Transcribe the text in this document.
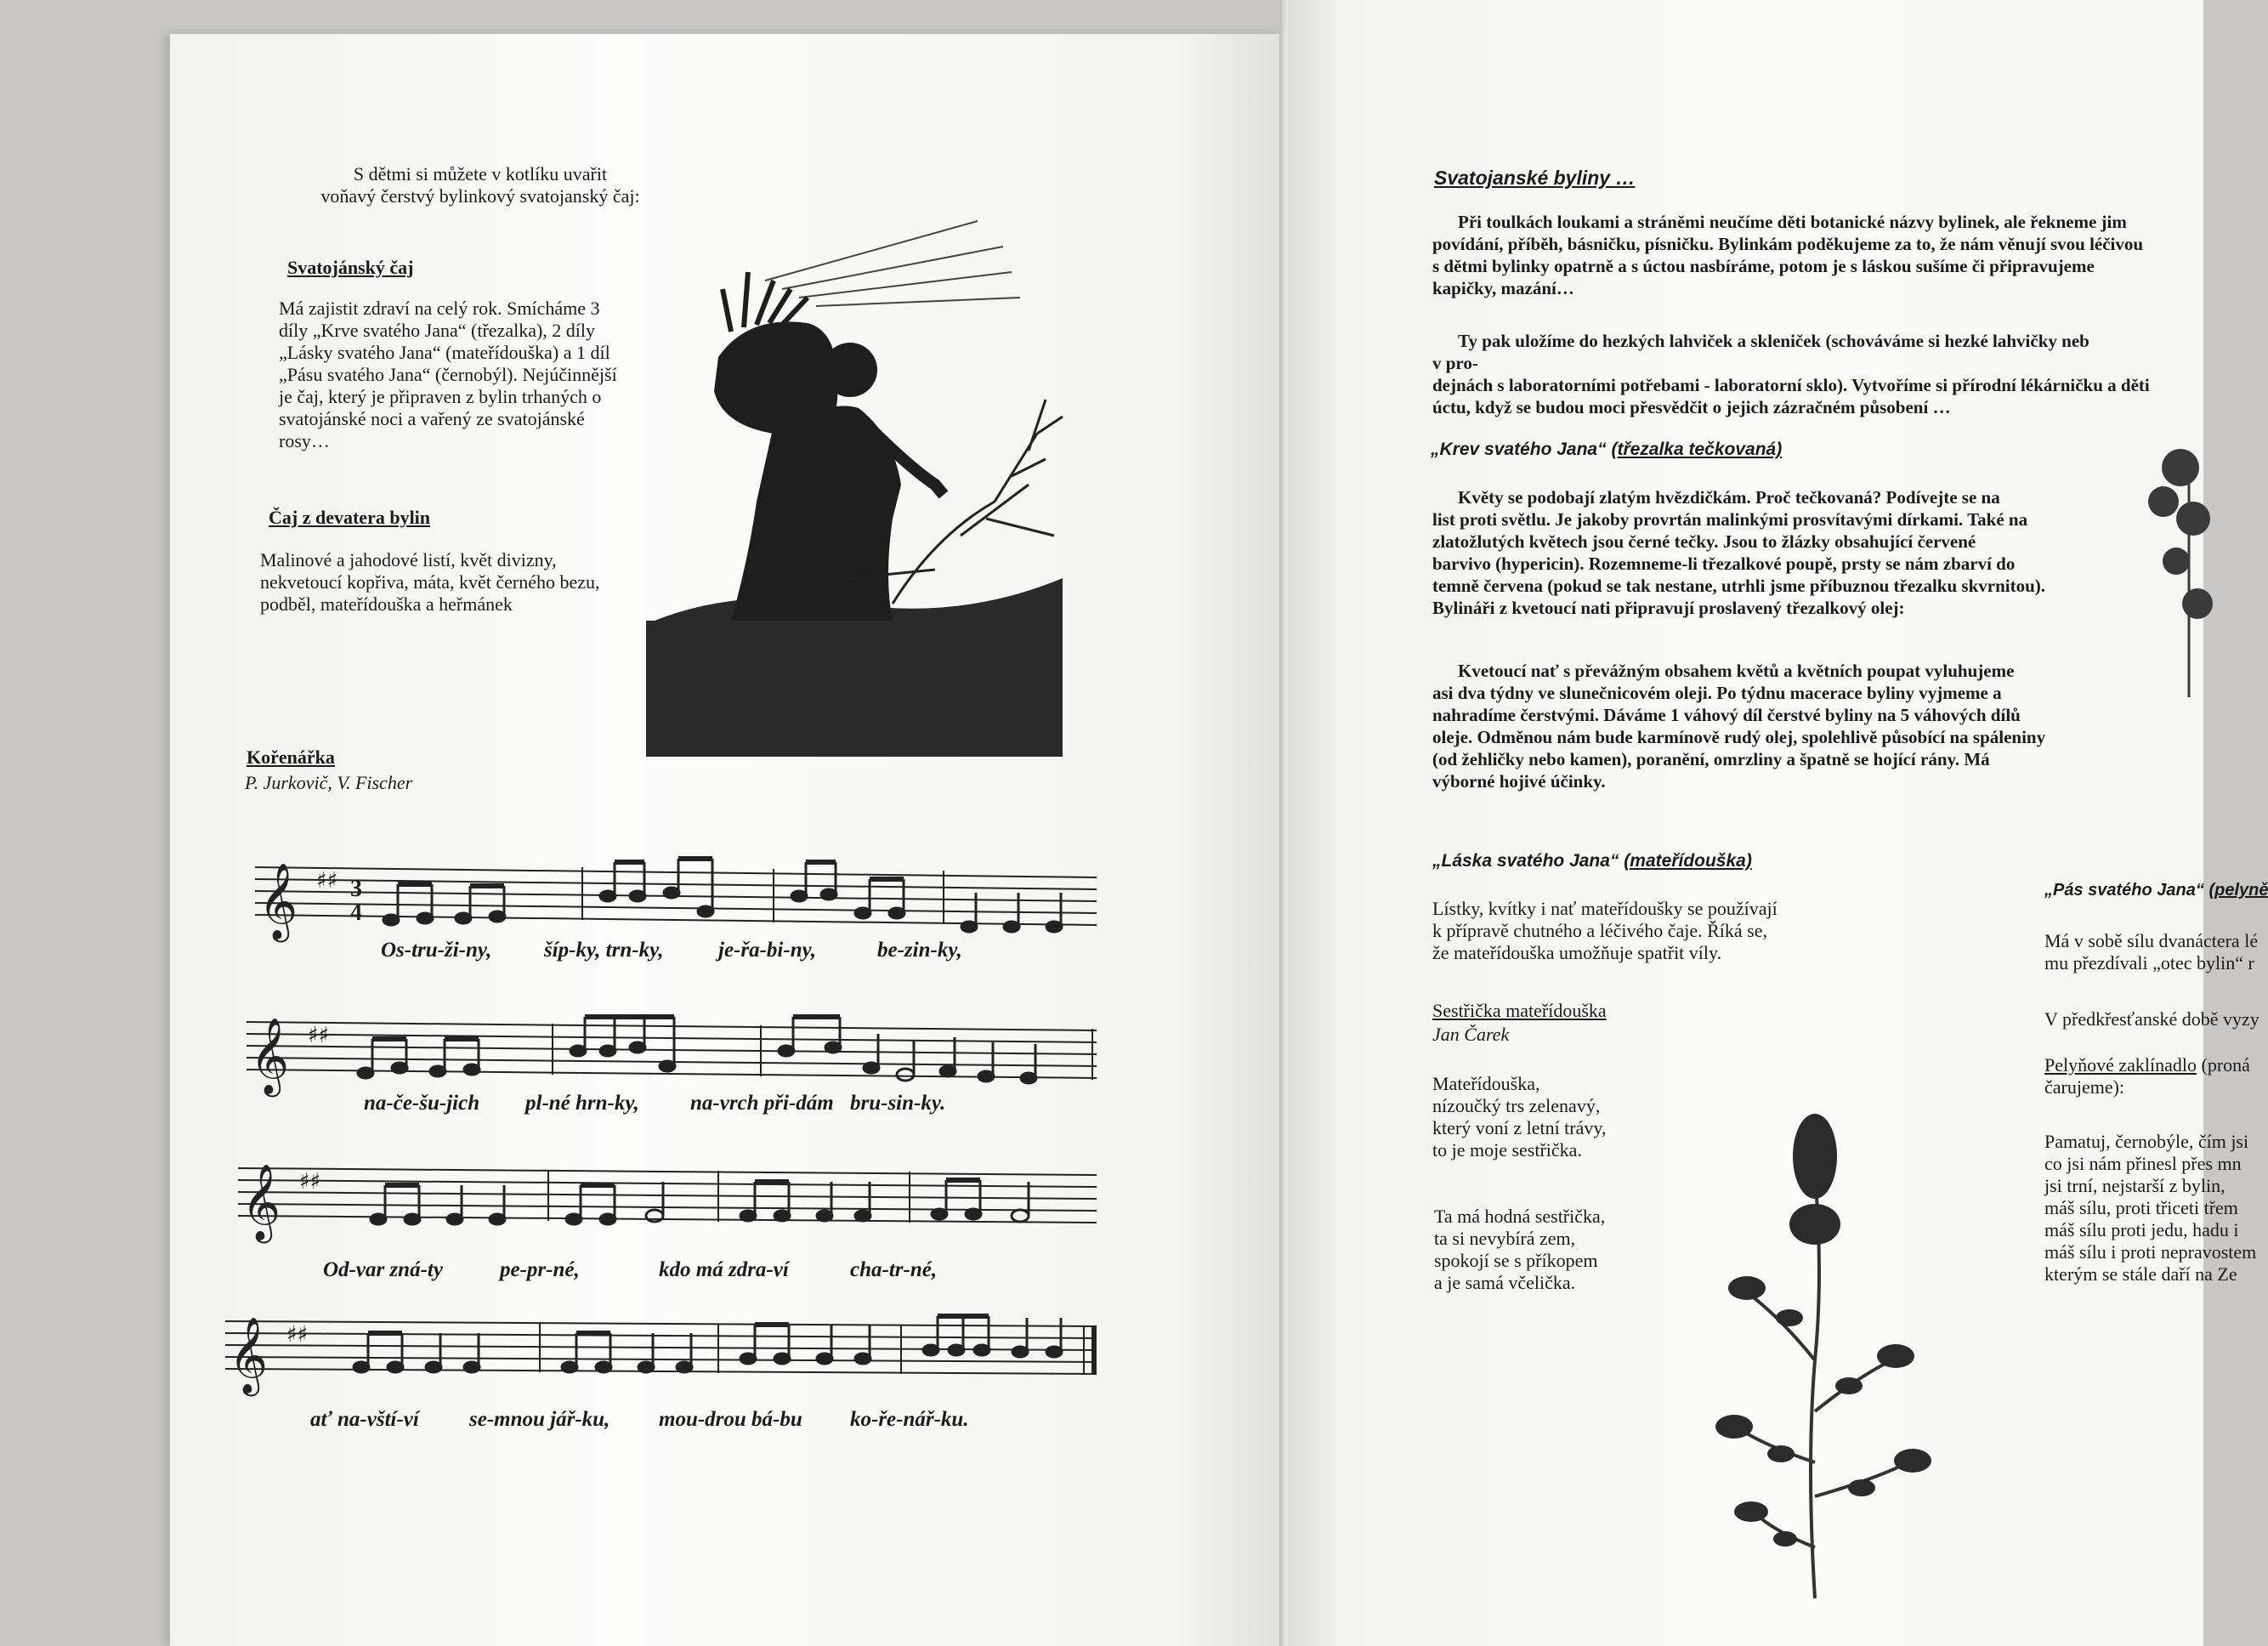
S dětmi si můžete v kotlíku uvařit
voňavý čerstvý bylinkový svatojanský čaj:
Svatojánský čaj
Má zajistit zdraví na celý rok. Smícháme 3
díly „Krve svatého Jana“ (třezalka), 2 díly
„Lásky svatého Jana“ (mateřídouška) a 1 díl
„Pásu svatého Jana“ (černobýl). Nejúčinnější
je čaj, který je připraven z bylin trhaných o
svatojánské noci a vařený ze svatojánské
rosy…
Čaj z devatera bylin
Malinové a jahodové listí, květ divizny,
nekvetoucí kopřiva, máta, květ černého bezu,
podběl, mateřídouška a heřmánek
Kořenářka
P. Jurkovič, V. Fischer
𝄞 ♯♯ 3
4
Os-tru-ži-ny, šíp-ky, trn-ky,	je-řa-bi-ny,	be-zin-ky,
𝄞 ♯♯
na-če-šu-jich pl-né hrn-ky, na-vrch při-dám bru-sin-ky.
𝄞 ♯♯
Od-var zná-ty	pe-pr-né,	kdo má zdra-ví	cha-tr-né,
𝄞 ♯♯
ať na-vští-ví se-mnou jář-ku, mou-drou bá-bu ko-ře-nář-ku.
Svatojanské byliny …
Při toulkách loukami a stráněmi neučíme děti botanické názvy bylinek, ale řekneme jim
povídání, příběh, básničku, písničku. Bylinkám poděkujeme za to, že nám věnují svou léčivou
s dětmi bylinky opatrně a s úctou nasbíráme, potom je s láskou sušíme či připravujeme
kapičky, mazání…
Ty pak uložíme do hezkých lahviček a skleniček (schováváme si hezké lahvičky neb
v pro-
dejnách s laboratorními potřebami - laboratorní sklo). Vytvoříme si přírodní lékárničku a děti
úctu, když se budou moci přesvědčit o jejich zázračném působení …
„Krev svatého Jana“ (třezalka tečkovaná)
Květy se podobají zlatým hvězdičkám. Proč tečkovaná? Podívejte se na
list proti světlu. Je jakoby provrtán malinkými prosvítavými dírkami. Také na
zlatožlutých květech jsou černé tečky. Jsou to žlázky obsahující červené
barvivo (hypericin). Rozemneme-li třezalkové poupě, prsty se nám zbarví do
temně červena (pokud se tak nestane, utrhli jsme příbuznou třezalku skvrnitou).
Bylináři z kvetoucí nati připravují proslavený třezalkový olej:
Kvetoucí nať s převážným obsahem květů a květních poupat vyluhujeme
asi dva týdny ve slunečnicovém oleji. Po týdnu macerace byliny vyjmeme a
nahradíme čerstvými. Dáváme 1 váhový díl čerstvé byliny na 5 váhových dílů
oleje. Odměnou nám bude karmínově rudý olej, spolehlivě působící na spáleniny
(od žehličky nebo kamen), poranění, omrzliny a špatně se hojící rány. Má
výborné hojivé účinky.
„Láska svatého Jana“ (mateřídouška)
Lístky, kvítky i nať mateřídoušky se používají
k přípravě chutného a léčivého čaje. Říká se,
že mateřídouška umožňuje spatřit víly.
Sestřička mateřídouška
Jan Čarek
Mateřídouška,
nízoučký trs zelenavý,
který voní z letní trávy,
to je moje sestřička.
Ta má hodná sestřička,
ta si nevybírá zem,
spokojí se s příkopem
a je samá včelička.
„Pás svatého Jana“ (pelyně
Má v sobě sílu dvanáctera lé
mu přezdívali „otec bylin“ r
V předkřesťanské době vyzy
Pelyňové zaklínadlo (proná
čarujeme):
Pamatuj, černobýle, čím jsi
co jsi nám přinesl přes mn
jsi trní, nejstarší z bylin,
máš sílu, proti třiceti třem
máš sílu proti jedu, hadu i
máš sílu i proti nepravostem
kterým se stále daří na Ze
